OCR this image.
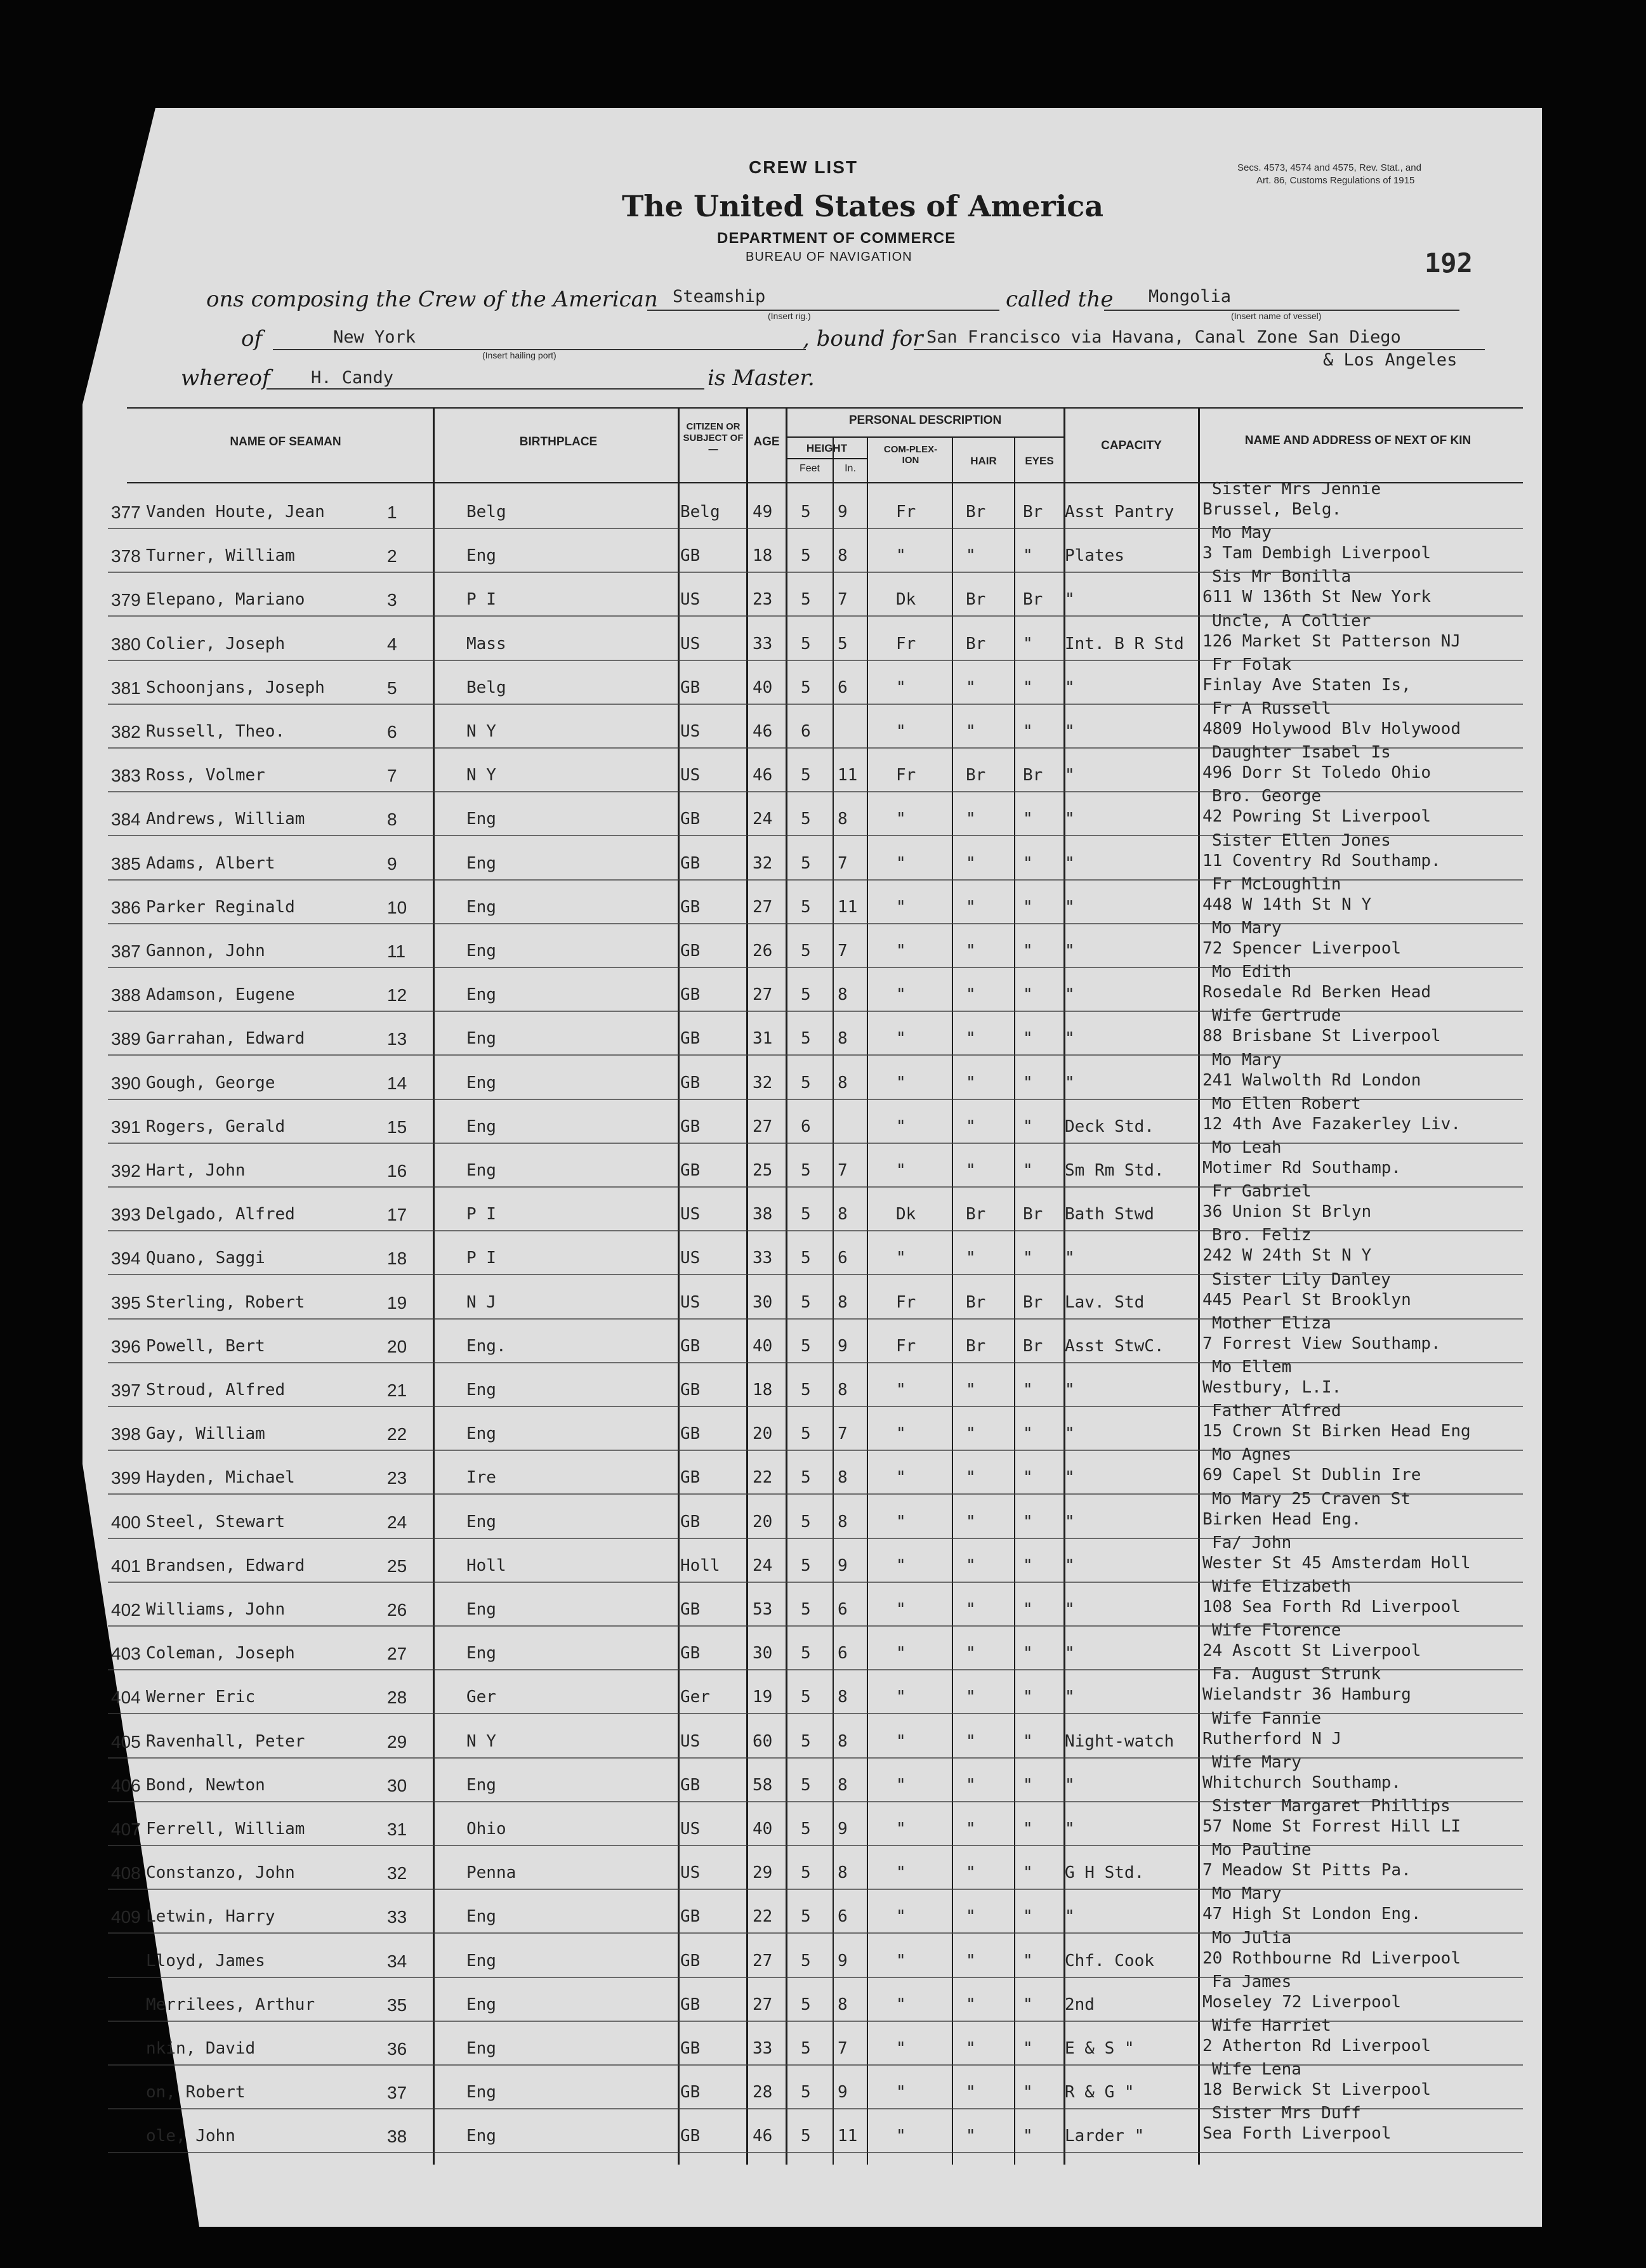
CREW LIST
The United States of America
DEPARTMENT OF COMMERCE
BUREAU OF NAVIGATION
Secs. 4573, 4574 and 4575, Rev. Stat., and
Art. 86, Customs Regulations of 1915
192
ons composing the Crew of the American Steamship
(Insert rig.)
called the Mongolia
(Insert name of vessel)
of	New York
(Insert hailing port)
, bound for San Francisco via Havana, Canal Zone San Diego
& Los Angeles
whereof H. Candy	is Master.
NAME OF SEAMAN	BIRTHPLACE
CITIZEN OR SUBJECT OF—
AGE
PERSONAL DESCRIPTION
HEIGHT
Feet	In.
COM-PLEX-ION	HAIR	EYES
CAPACITY	NAME AND ADDRESS OF NEXT OF KIN
377 Vanden Houte, Jean	1	Belg	Belg 49 5 9	Fr	Br Br Asst Pantry
Sister Mrs Jennie
Brussel, Belg.
378 Turner, William	2	Eng	GB	18 5 8	"	"	" Plates
Mo May
3 Tam Dembigh Liverpool
379 Elepano, Mariano	3	P I	US	23 5 7	Dk	Br Br "
Sis Mr Bonilla
611 W 136th St New York
380 Colier, Joseph	4	Mass	US	33 5 5	Fr	Br " Int. B R Std
Uncle, A Collier
126 Market St Patterson NJ
381 Schoonjans, Joseph	5	Belg	GB	40 5 6	"	"	" "
Fr Folak
Finlay Ave Staten Is,
382 Russell, Theo.	6	N Y	US	46 6	"	"	" "
Fr A Russell
4809 Holywood Blv Holywood
383 Ross, Volmer	7	N Y	US	46 5 11 Fr	Br Br "
Daughter Isabel Is
496 Dorr St Toledo Ohio
384 Andrews, William	8	Eng	GB	24 5 8	"	"	" "
Bro. George
42 Powring St Liverpool
385 Adams, Albert	9	Eng	GB	32 5 7	"	"	" "
Sister Ellen Jones
11 Coventry Rd Southamp.
386 Parker Reginald	10	Eng	GB	27 5 11 "	"	" "
Fr McLoughlin
448 W 14th St N Y
387 Gannon, John	11	Eng	GB	26 5 7	"	"	" "
Mo Mary
72 Spencer Liverpool
388 Adamson, Eugene	12	Eng	GB	27 5 8	"	"	" "
Mo Edith
Rosedale Rd Berken Head
389 Garrahan, Edward	13	Eng	GB	31 5 8	"	"	" "
Wife Gertrude
88 Brisbane St Liverpool
390 Gough, George	14	Eng	GB	32 5 8	"	"	" "
Mo Mary
241 Walwolth Rd London
391 Rogers, Gerald	15	Eng	GB	27 6	"	"	" Deck Std.
Mo Ellen Robert
12 4th Ave Fazakerley Liv.
392 Hart, John	16	Eng	GB	25 5 7	"	"	" Sm Rm Std.
Mo Leah
Motimer Rd Southamp.
393 Delgado, Alfred	17	P I	US	38 5 8	Dk	Br Br Bath Stwd
Fr Gabriel
36 Union St Brlyn
394 Quano, Saggi	18	P I	US	33 5 6	"	"	" "
Bro. Feliz
242 W 24th St N Y
395 Sterling, Robert	19	N J	US	30 5 8	Fr	Br Br Lav. Std
Sister Lily Danley
445 Pearl St Brooklyn
396 Powell, Bert	20	Eng.	GB	40 5 9	Fr	Br Br Asst StwC.
Mother Eliza
7 Forrest View Southamp.
397 Stroud, Alfred	21	Eng	GB	18 5 8	"	"	" "
Mo Ellem
Westbury, L.I.
398 Gay, William	22	Eng	GB	20 5 7	"	"	" "
Father Alfred
15 Crown St Birken Head Eng
399 Hayden, Michael	23	Ire	GB	22 5 8	"	"	" "
Mo Agnes
69 Capel St Dublin Ire
400 Steel, Stewart	24	Eng	GB	20 5 8	"	"	" "
Mo Mary 25 Craven St
Birken Head Eng.
401 Brandsen, Edward	25	Holl	Holl 24 5 9	"	"	" "
Fa/ John
Wester St 45 Amsterdam Holl
402 Williams, John	26	Eng	GB	53 5 6	"	"	" "
Wife Elizabeth
108 Sea Forth Rd Liverpool
403 Coleman, Joseph	27	Eng	GB	30 5 6	"	"	" "
Wife Florence
24 Ascott St Liverpool
404 Werner Eric	28	Ger	Ger	19 5 8	"	"	" "
Fa. August Strunk
Wielandstr 36 Hamburg
405 Ravenhall, Peter	29	N Y	US	60 5 8	"	"	" Night-watch
Wife Fannie
Rutherford N J
406 Bond, Newton	30	Eng	GB	58 5 8	"	"	" "
Wife Mary
Whitchurch Southamp.
407 Ferrell, William	31	Ohio	US	40 5 9	"	"	" "
Sister Margaret Phillips
57 Nome St Forrest Hill LI
408 Constanzo, John	32	Penna	US	29 5 8	"	"	" G H Std.
Mo Pauline
7 Meadow St Pitts Pa.
409 Letwin, Harry	33	Eng	GB	22 5 6	"	"	" "
Mo Mary
47 High St London Eng.
Lloyd, James	34	Eng	GB	27 5 9	"	"	" Chf. Cook
Mo Julia
20 Rothbourne Rd Liverpool
Merrilees, Arthur	35	Eng	GB	27 5 8	"	"	" 2nd
Fa James
Moseley 72 Liverpool
nkin, David	36	Eng	GB	33 5 7	"	"	" E & S "
Wife Harriet
2 Atherton Rd Liverpool
on, Robert	37	Eng	GB	28 5 9	"	"	" R & G "
Wife Lena
18 Berwick St Liverpool
ole, John	38	Eng	GB	46 5 11 "	"	" Larder "
Sister Mrs Duff
Sea Forth Liverpool
